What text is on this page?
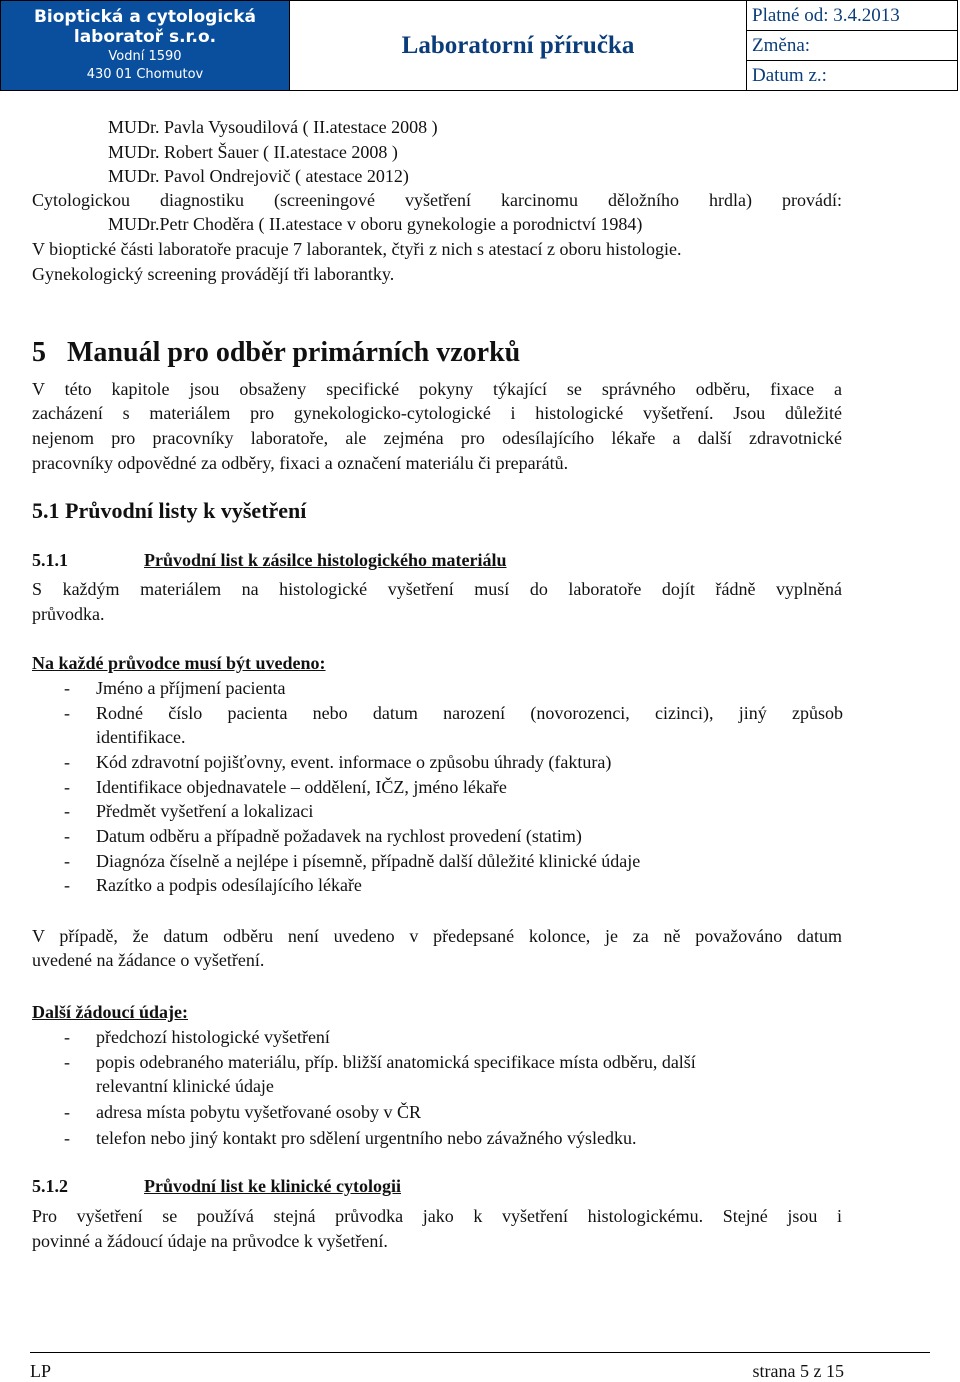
Bioptická a cytologická
laboratoř s.r.o.
Vodní 1590
430 01 Chomutov
Laboratorní příručka
Platné od: 3.4.2013
Změna:
Datum z.:
MUDr. Pavla Vysoudilová ( II.atestace 2008 )
MUDr. Robert Šauer ( II.atestace 2008 )
MUDr. Pavol Ondrejovič ( atestace 2012)
Cytologickou diagnostiku (screeningové vyšetření karcinomu děložního hrdla) provádí:
MUDr.Petr Choděra ( II.atestace v oboru gynekologie a porodnictví 1984)
V bioptické části laboratoře pracuje 7 laborantek, čtyři z nich s atestací z oboru histologie.
Gynekologický screening provádějí tři laborantky.
5 Manuál pro odběr primárních vzorků
V této kapitole jsou obsaženy specifické pokyny týkající se správného odběru, fixace a
zacházení s materiálem pro gynekologicko-cytologické i histologické vyšetření. Jsou důležité
nejenom pro pracovníky laboratoře, ale zejména pro odesílajícího lékaře a další zdravotnické
pracovníky odpovědné za odběry, fixaci a označení materiálu či preparátů.
5.1 Průvodní listy k vyšetření
5.1.1	Průvodní list k zásilce histologického materiálu
S každým materiálem na histologické vyšetření musí do laboratoře dojít řádně vyplněná
průvodka.
Na každé průvodce musí být uvedeno:
- Jméno a příjmení pacienta
- Rodné číslo pacienta nebo datum narození (novorozenci, cizinci), jiný způsob
identifikace.
- Kód zdravotní pojišťovny, event. informace o způsobu úhrady (faktura)
- Identifikace objednavatele – oddělení, IČZ, jméno lékaře
- Předmět vyšetření a lokalizaci
- Datum odběru a případně požadavek na rychlost provedení (statim)
- Diagnóza číselně a nejlépe i písemně, případně další důležité klinické údaje
- Razítko a podpis odesílajícího lékaře
V případě, že datum odběru není uvedeno v předepsané kolonce, je za ně považováno datum
uvedené na žádance o vyšetření.
Další žádoucí údaje:
- předchozí histologické vyšetření
- popis odebraného materiálu, příp. bližší anatomická specifikace místa odběru, další
relevantní klinické údaje
- adresa místa pobytu vyšetřované osoby v ČR
- telefon nebo jiný kontakt pro sdělení urgentního nebo závažného výsledku.
5.1.2	Průvodní list ke klinické cytologii
Pro vyšetření se používá stejná průvodka jako k vyšetření histologickému. Stejné jsou i
povinné a žádoucí údaje na průvodce k vyšetření.
LP	strana 5 z 15
